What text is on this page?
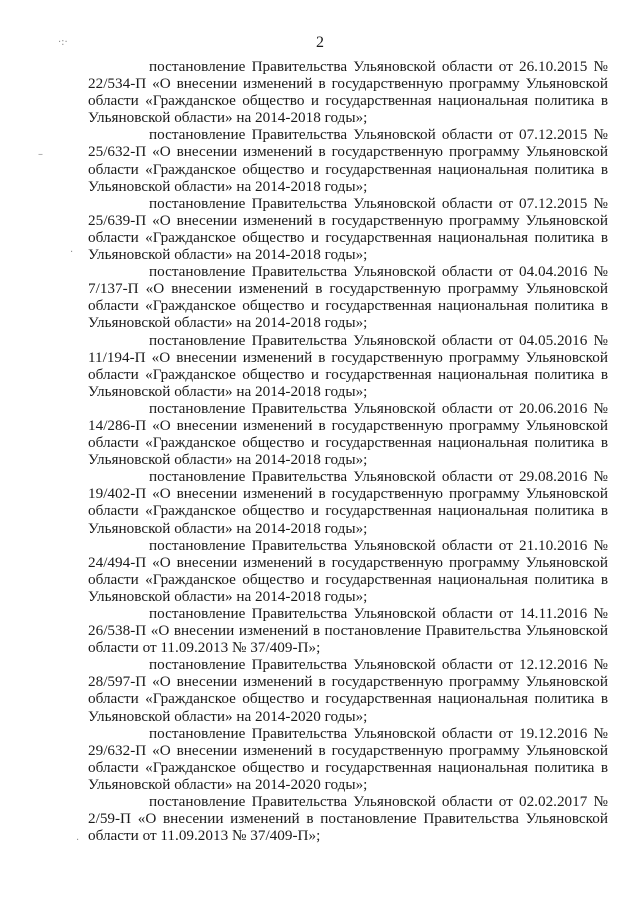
2
·:·
–
·
·

постановление Правительства Ульяновской области от 26.10.2015 № 22/534-П «О внесении изменений в государственную программу Ульяновской области «Гражданское общество и государственная национальная политика в Ульяновской области» на 2014-2018 годы»;

постановление Правительства Ульяновской области от 07.12.2015 № 25/632-П «О внесении изменений в государственную программу Ульяновской области «Гражданское общество и государственная национальная политика в Ульяновской области» на 2014-2018 годы»;

постановление Правительства Ульяновской области от 07.12.2015 № 25/639-П «О внесении изменений в государственную программу Ульяновской области «Гражданское общество и государственная национальная политика в Ульяновской области» на 2014-2018 годы»;

постановление Правительства Ульяновской области от 04.04.2016 № 7/137-П «О внесении изменений в государственную программу Ульяновской области «Гражданское общество и государственная национальная политика в Ульяновской области» на 2014-2018 годы»;

постановление Правительства Ульяновской области от 04.05.2016 № 11/194-П «О внесении изменений в государственную программу Ульяновской области «Гражданское общество и государственная национальная политика в Ульяновской области» на 2014-2018 годы»;

постановление Правительства Ульяновской области от 20.06.2016 № 14/286-П «О внесении изменений в государственную программу Ульяновской области «Гражданское общество и государственная национальная политика в Ульяновской области» на 2014-2018 годы»;

постановление Правительства Ульяновской области от 29.08.2016 № 19/402-П «О внесении изменений в государственную программу Ульяновской области «Гражданское общество и государственная национальная политика в Ульяновской области» на 2014-2018 годы»;

постановление Правительства Ульяновской области от 21.10.2016 № 24/494-П «О внесении изменений в государственную программу Ульяновской области «Гражданское общество и государственная национальная политика в Ульяновской области» на 2014-2018 годы»;

постановление Правительства Ульяновской области от 14.11.2016 № 26/538-П «О внесении изменений в постановление Правительства Ульяновской области от 11.09.2013 № 37/409-П»;

постановление Правительства Ульяновской области от 12.12.2016 № 28/597-П «О внесении изменений в государственную программу Ульяновской области «Гражданское общество и государственная национальная политика в Ульяновской области» на 2014-2020 годы»;

постановление Правительства Ульяновской области от 19.12.2016 № 29/632-П «О внесении изменений в государственную программу Ульяновской области «Гражданское общество и государственная национальная политика в Ульяновской области» на 2014-2020 годы»;

постановление Правительства Ульяновской области от 02.02.2017 № 2/59-П «О внесении изменений в постановление Правительства Ульяновской области от 11.09.2013 № 37/409-П»;
